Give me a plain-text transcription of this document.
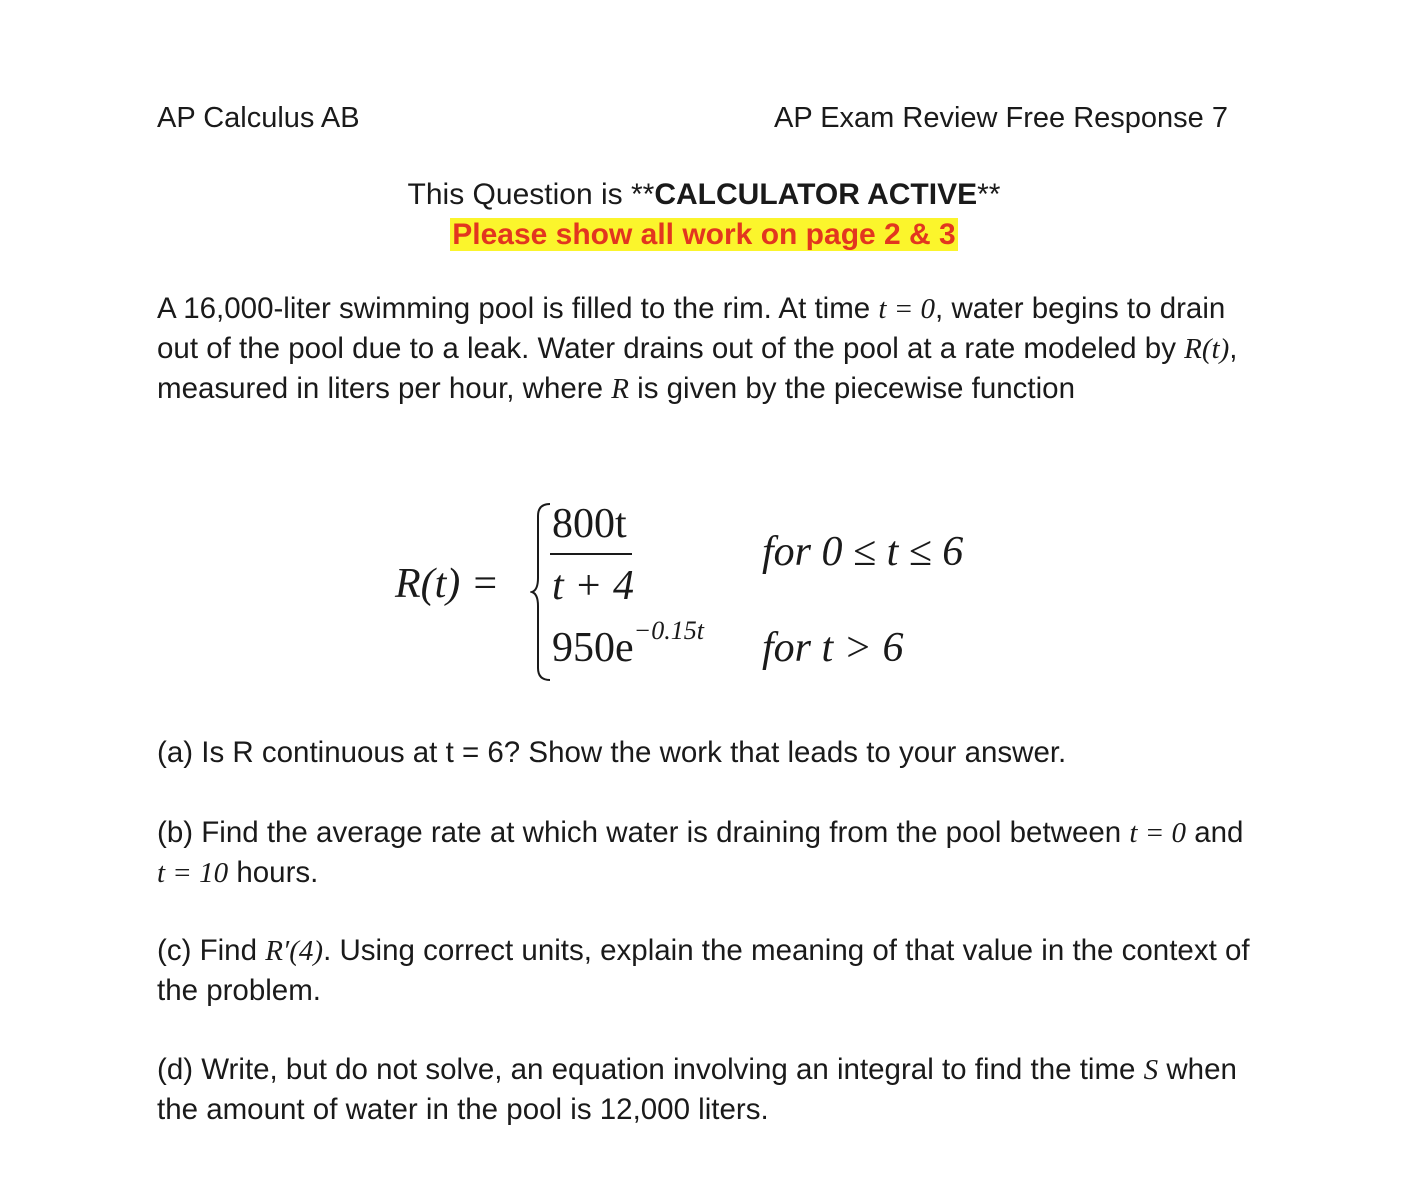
AP Calculus AB	AP Exam Review Free Response 7
This Question is **CALCULATOR ACTIVE**
Please show all work on page 2 & 3
A 16,000-liter swimming pool is filled to the rim. At time t = 0, water begins to drain out of the pool due to a leak. Water drains out of the pool at a rate modeled by R(t), measured in liters per hour, where R is given by the piecewise function
R(t) =
800t
t + 4
for 0 ≤ t ≤ 6
$950e^{-0.15t}$ for t > 6
(a) Is R continuous at t = 6? Show the work that leads to your answer.
(b) Find the average rate at which water is draining from the pool between t = 0 and t = 10 hours.
(c) Find R′(4). Using correct units, explain the meaning of that value in the context of the problem.
(d) Write, but do not solve, an equation involving an integral to find the time S when the amount of water in the pool is 12,000 liters.
